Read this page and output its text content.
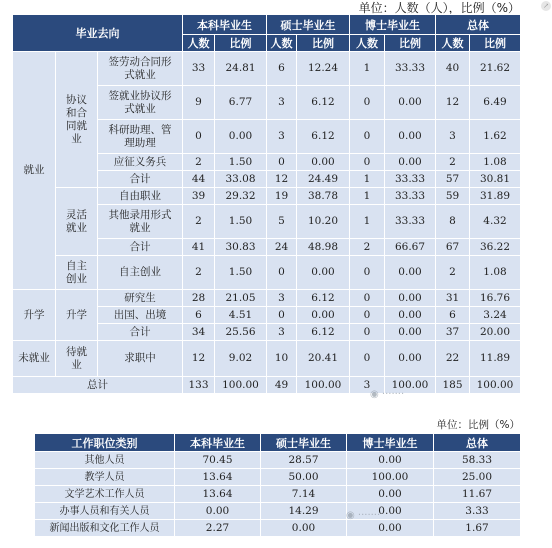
↗
单位：人数（人），比例（%）
毕业去向			本科毕业生		硕士毕业生		博士毕业生		总体	
			人数	比例	人数	比例	人数	比例	人数	比例
就业	协议和合同就业	签劳动合同形式就业	33	24.81	6	12.24	1	33.33	40	21.62
		签就业协议形式就业	9	6.77	3	6.12	0	0.00	12	6.49
		科研助理、管理助理	0	0.00	3	6.12	0	0.00	3	1.62
		应征义务兵	2	1.50	0	0.00	0	0.00	2	1.08
		合计	44	33.08	12	24.49	1	33.33	57	30.81
	灵活就业	自由职业	39	29.32	19	38.78	1	33.33	59	31.89
		其他录用形式就业	2	1.50	5	10.20	1	33.33	8	4.32
		合计	41	30.83	24	48.98	2	66.67	67	36.22
	自主创业	自主创业	2	1.50	0	0.00	0	0.00	2	1.08
升学	升学	研究生	28	21.05	3	6.12	0	0.00	31	16.76
		出国、出境	6	4.51	0	0.00	0	0.00	6	3.24
		合计	34	25.56	3	6.12	0	0.00	37	20.00
未就业	待就业	求职中	12	9.02	10	20.41	0	0.00	22	11.89
总计			133	100.00	49	100.00	3	100.00	185	100.00
单位：比例（%）
工作职位类别	本科毕业生	硕士毕业生	博士毕业生	总体
其他人员	70.45	28.57	0.00	58.33
教学人员	13.64	50.00	100.00	25.00
文学艺术工作人员	13.64	7.14	0.00	11.67
办事人员和有关人员	0.00	14.29	0.00	3.33
新闻出版和文化工作人员	2.27	0.00	0.00	1.67
◉ ·······
◉ ·······
